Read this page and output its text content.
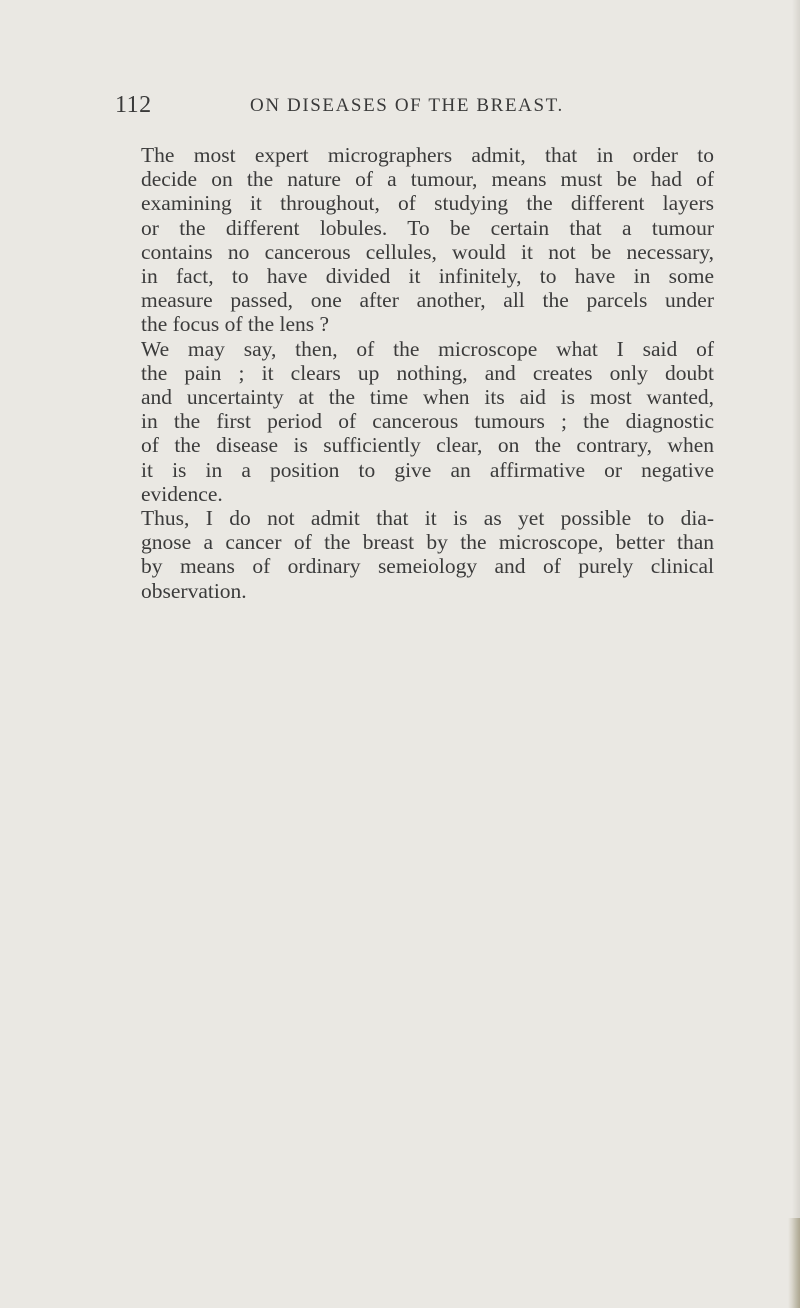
112	ON DISEASES OF THE BREAST.

The most expert micrographers admit, that in order to
decide on the nature of a tumour, means must be had of
examining it throughout, of studying the different layers
or the different lobules. To be certain that a tumour
contains no cancerous cellules, would it not be necessary,
in fact, to have divided it infinitely, to have in some
measure passed, one after another, all the parcels under
the focus of the lens ?

We may say, then, of the microscope what I said of
the pain ; it clears up nothing, and creates only doubt
and uncertainty at the time when its aid is most wanted,
in the first period of cancerous tumours ; the diagnostic
of the disease is sufficiently clear, on the contrary, when
it is in a position to give an affirmative or negative
evidence.

Thus, I do not admit that it is as yet possible to dia-
gnose a cancer of the breast by the microscope, better than
by means of ordinary semeiology and of purely clinical
observation.
